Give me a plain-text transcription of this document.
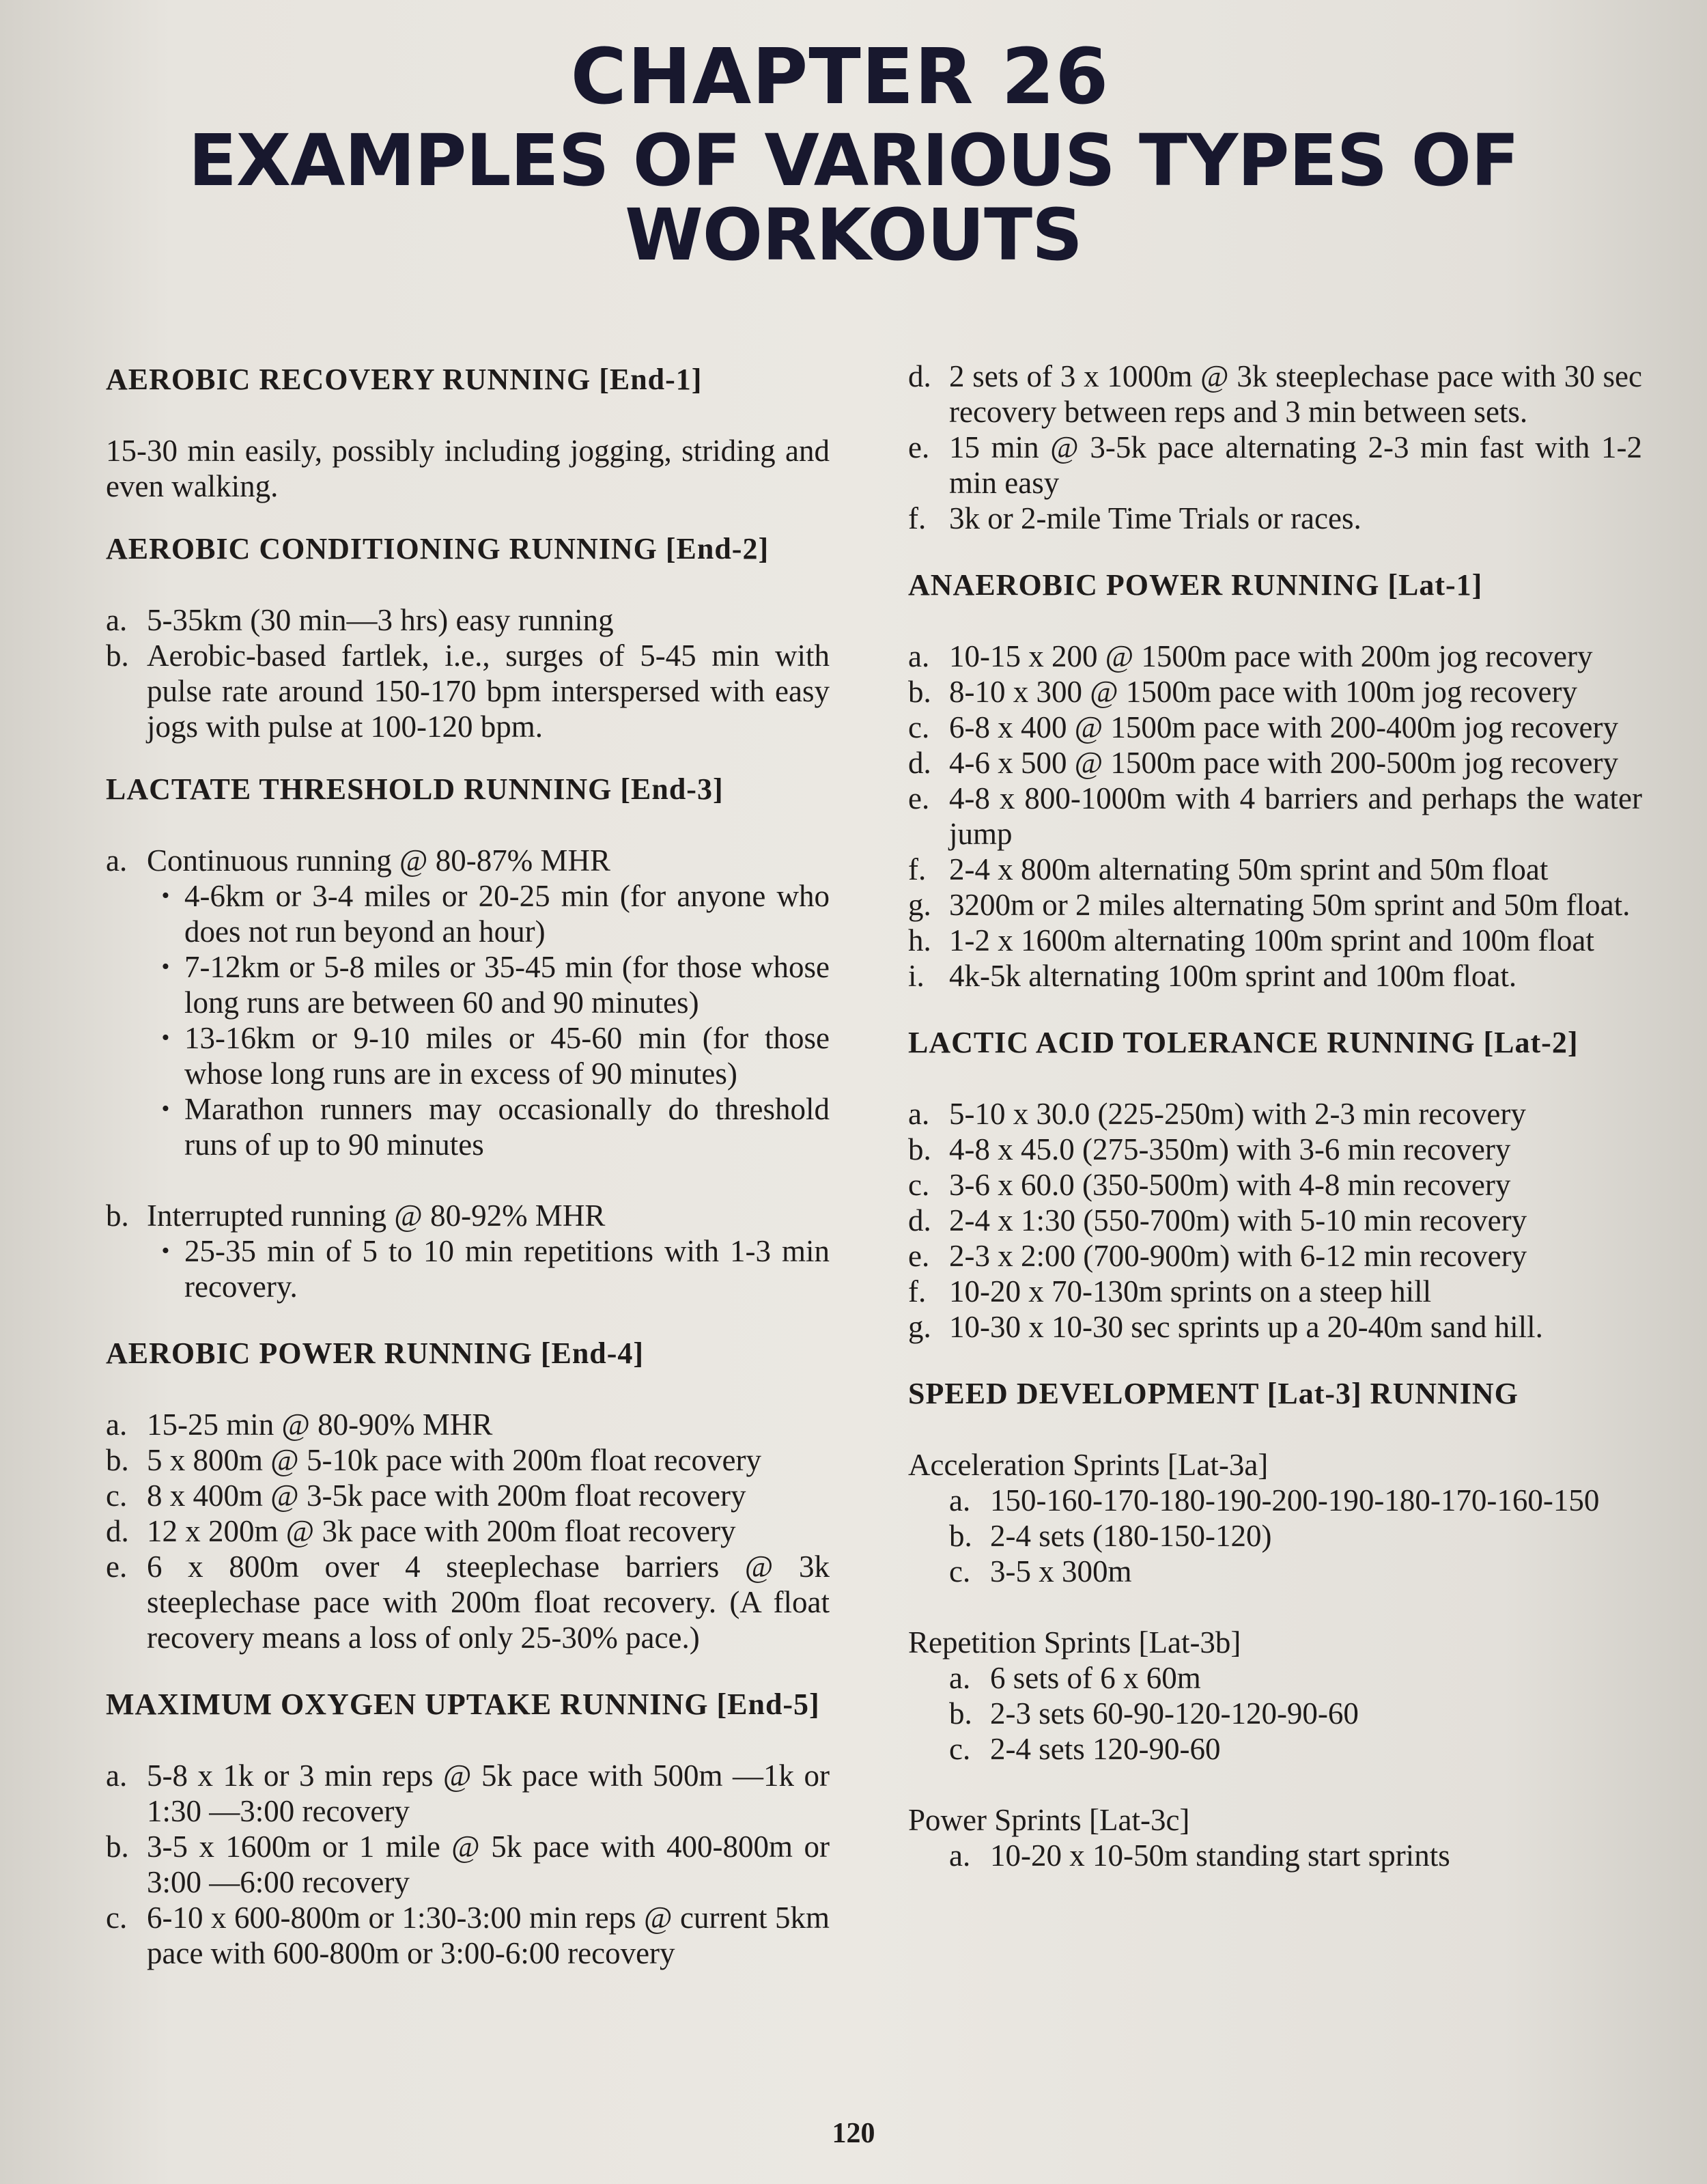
CHAPTER 26
EXAMPLES OF VARIOUS TYPES OF WORKOUTS
AEROBIC RECOVERY RUNNING [End-1]
15-30 min easily, possibly including jogging, striding and even walking.
AEROBIC CONDITIONING RUNNING [End-2]
a. 5-35km (30 min—3 hrs) easy running
b. Aerobic-based fartlek, i.e., surges of 5-45 min with pulse rate around 150-170 bpm interspersed with easy jogs with pulse at 100-120 bpm.
LACTATE THRESHOLD RUNNING [End-3]
a. Continuous running @ 80-87% MHR
• 4-6km or 3-4 miles or 20-25 min (for anyone who does not run beyond an hour)
• 7-12km or 5-8 miles or 35-45 min (for those whose long runs are between 60 and 90 minutes)
• 13-16km or 9-10 miles or 45-60 min (for those whose long runs are in excess of 90 minutes)
• Marathon runners may occasionally do threshold runs of up to 90 minutes
b. Interrupted running @ 80-92% MHR
• 25-35 min of 5 to 10 min repetitions with 1-3 min recovery.
AEROBIC POWER RUNNING [End-4]
a. 15-25 min @ 80-90% MHR
b. 5 x 800m @ 5-10k pace with 200m float recovery
c. 8 x 400m @ 3-5k pace with 200m float recovery
d. 12 x 200m @ 3k pace with 200m float recovery
e. 6 x 800m over 4 steeplechase barriers @ 3k steeplechase pace with 200m float recovery. (A float recovery means a loss of only 25-30% pace.)
MAXIMUM OXYGEN UPTAKE RUNNING [End-5]
a. 5-8 x 1k or 3 min reps @ 5k pace with 500m —1k or 1:30 —3:00 recovery
b. 3-5 x 1600m or 1 mile @ 5k pace with 400-800m or 3:00 —6:00 recovery
c. 6-10 x 600-800m or 1:30-3:00 min reps @ current 5km pace with 600-800m or 3:00-6:00 recovery
d. 2 sets of 3 x 1000m @ 3k steeplechase pace with 30 sec recovery between reps and 3 min between sets.
e. 15 min @ 3-5k pace alternating 2-3 min fast with 1-2 min easy
f. 3k or 2-mile Time Trials or races.
ANAEROBIC POWER RUNNING [Lat-1]
a. 10-15 x 200 @ 1500m pace with 200m jog recovery
b. 8-10 x 300 @ 1500m pace with 100m jog recovery
c. 6-8 x 400 @ 1500m pace with 200-400m jog recovery
d. 4-6 x 500 @ 1500m pace with 200-500m jog recovery
e. 4-8 x 800-1000m with 4 barriers and perhaps the water jump
f. 2-4 x 800m alternating 50m sprint and 50m float
g. 3200m or 2 miles alternating 50m sprint and 50m float.
h. 1-2 x 1600m alternating 100m sprint and 100m float
i. 4k-5k alternating 100m sprint and 100m float.
LACTIC ACID TOLERANCE RUNNING [Lat-2]
a. 5-10 x 30.0 (225-250m) with 2-3 min recovery
b. 4-8 x 45.0 (275-350m) with 3-6 min recovery
c. 3-6 x 60.0 (350-500m) with 4-8 min recovery
d. 2-4 x 1:30 (550-700m) with 5-10 min recovery
e. 2-3 x 2:00 (700-900m) with 6-12 min recovery
f. 10-20 x 70-130m sprints on a steep hill
g. 10-30 x 10-30 sec sprints up a 20-40m sand hill.
SPEED DEVELOPMENT [Lat-3] RUNNING
Acceleration Sprints [Lat-3a]
a. 150-160-170-180-190-200-190-180-170-160-150
b. 2-4 sets (180-150-120)
c. 3-5 x 300m
Repetition Sprints [Lat-3b]
a. 6 sets of 6 x 60m
b. 2-3 sets 60-90-120-120-90-60
c. 2-4 sets 120-90-60
Power Sprints [Lat-3c]
a. 10-20 x 10-50m standing start sprints
120
